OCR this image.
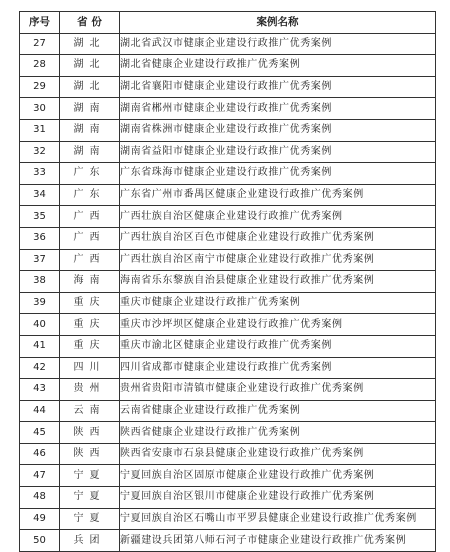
序号	省 份	案例名称
27	湖北	湖北省武汉市健康企业建设行政推广优秀案例
28	湖北	湖北省健康企业建设行政推广优秀案例
29	湖北	湖北省襄阳市健康企业建设行政推广优秀案例
30	湖南	湖南省郴州市健康企业建设行政推广优秀案例
31	湖南	湖南省株洲市健康企业建设行政推广优秀案例
32	湖南	湖南省益阳市健康企业建设行政推广优秀案例
33	广东	广东省珠海市健康企业建设行政推广优秀案例
34	广东	广东省广州市番禺区健康企业建设行政推广优秀案例
35	广西	广西壮族自治区健康企业建设行政推广优秀案例
36	广西	广西壮族自治区百色市健康企业建设行政推广优秀案例
37	广西	广西壮族自治区南宁市健康企业建设行政推广优秀案例
38	海南	海南省乐东黎族自治县健康企业建设行政推广优秀案例
39	重庆	重庆市健康企业建设行政推广优秀案例
40	重庆	重庆市沙坪坝区健康企业建设行政推广优秀案例
41	重庆	重庆市渝北区健康企业建设行政推广优秀案例
42	四川	四川省成都市健康企业建设行政推广优秀案例
43	贵州	贵州省贵阳市清镇市健康企业建设行政推广优秀案例
44	云南	云南省健康企业建设行政推广优秀案例
45	陕西	陕西省健康企业建设行政推广优秀案例
46	陕西	陕西省安康市石泉县健康企业建设行政推广优秀案例
47	宁夏	宁夏回族自治区固原市健康企业建设行政推广优秀案例
48	宁夏	宁夏回族自治区银川市健康企业建设行政推广优秀案例
49	宁夏	宁夏回族自治区石嘴山市平罗县健康企业建设行政推广优秀案例
50	兵团	新疆建设兵团第八师石河子市健康企业建设行政推广优秀案例
